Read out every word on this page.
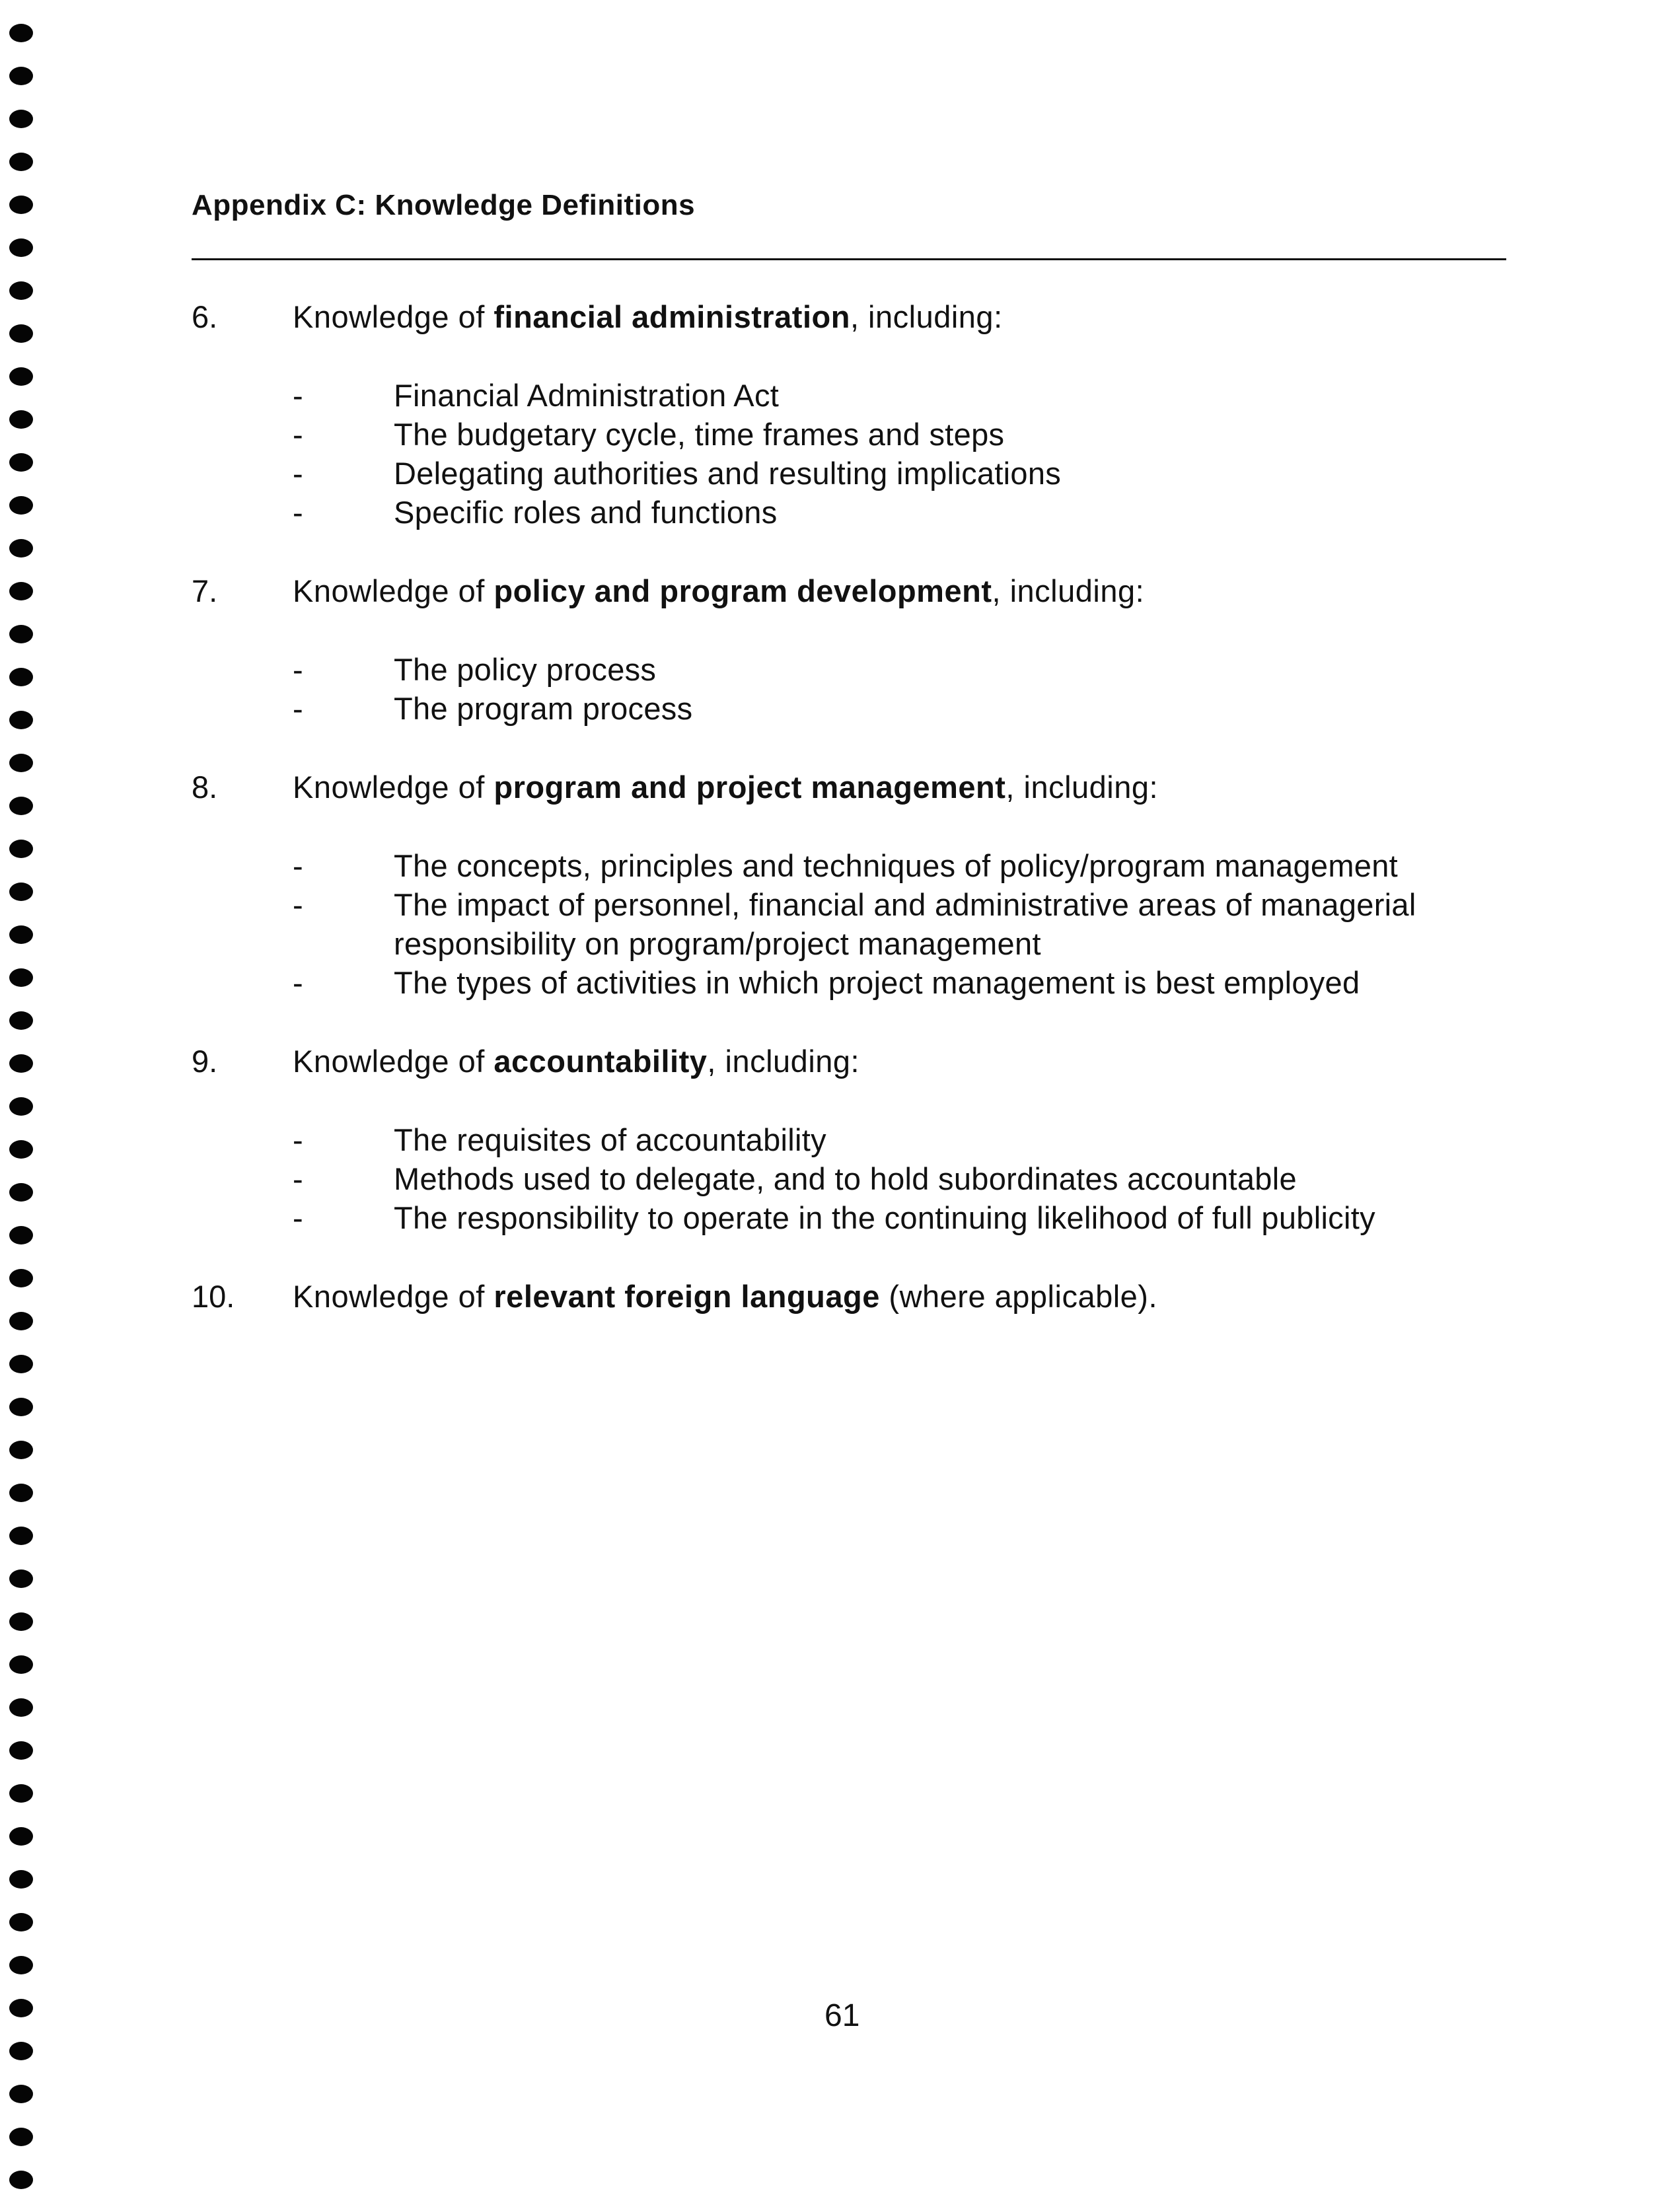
Appendix C: Knowledge Definitions
6. Knowledge of financial administration, including:
-	Financial Administration Act
-	The budgetary cycle, time frames and steps
-	Delegating authorities and resulting implications
-	Specific roles and functions
7. Knowledge of policy and program development, including:
-	The policy process
-	The program process
8. Knowledge of program and project management, including:
-	The concepts, principles and techniques of policy/program management
-	The impact of personnel, financial and administrative areas of managerial
responsibility on program/project management
-	The types of activities in which project management is best employed
9. Knowledge of accountability, including:
-	The requisites of accountability
-	Methods used to delegate, and to hold subordinates accountable
-	The responsibility to operate in the continuing likelihood of full publicity
10. Knowledge of relevant foreign language (where applicable).
61
